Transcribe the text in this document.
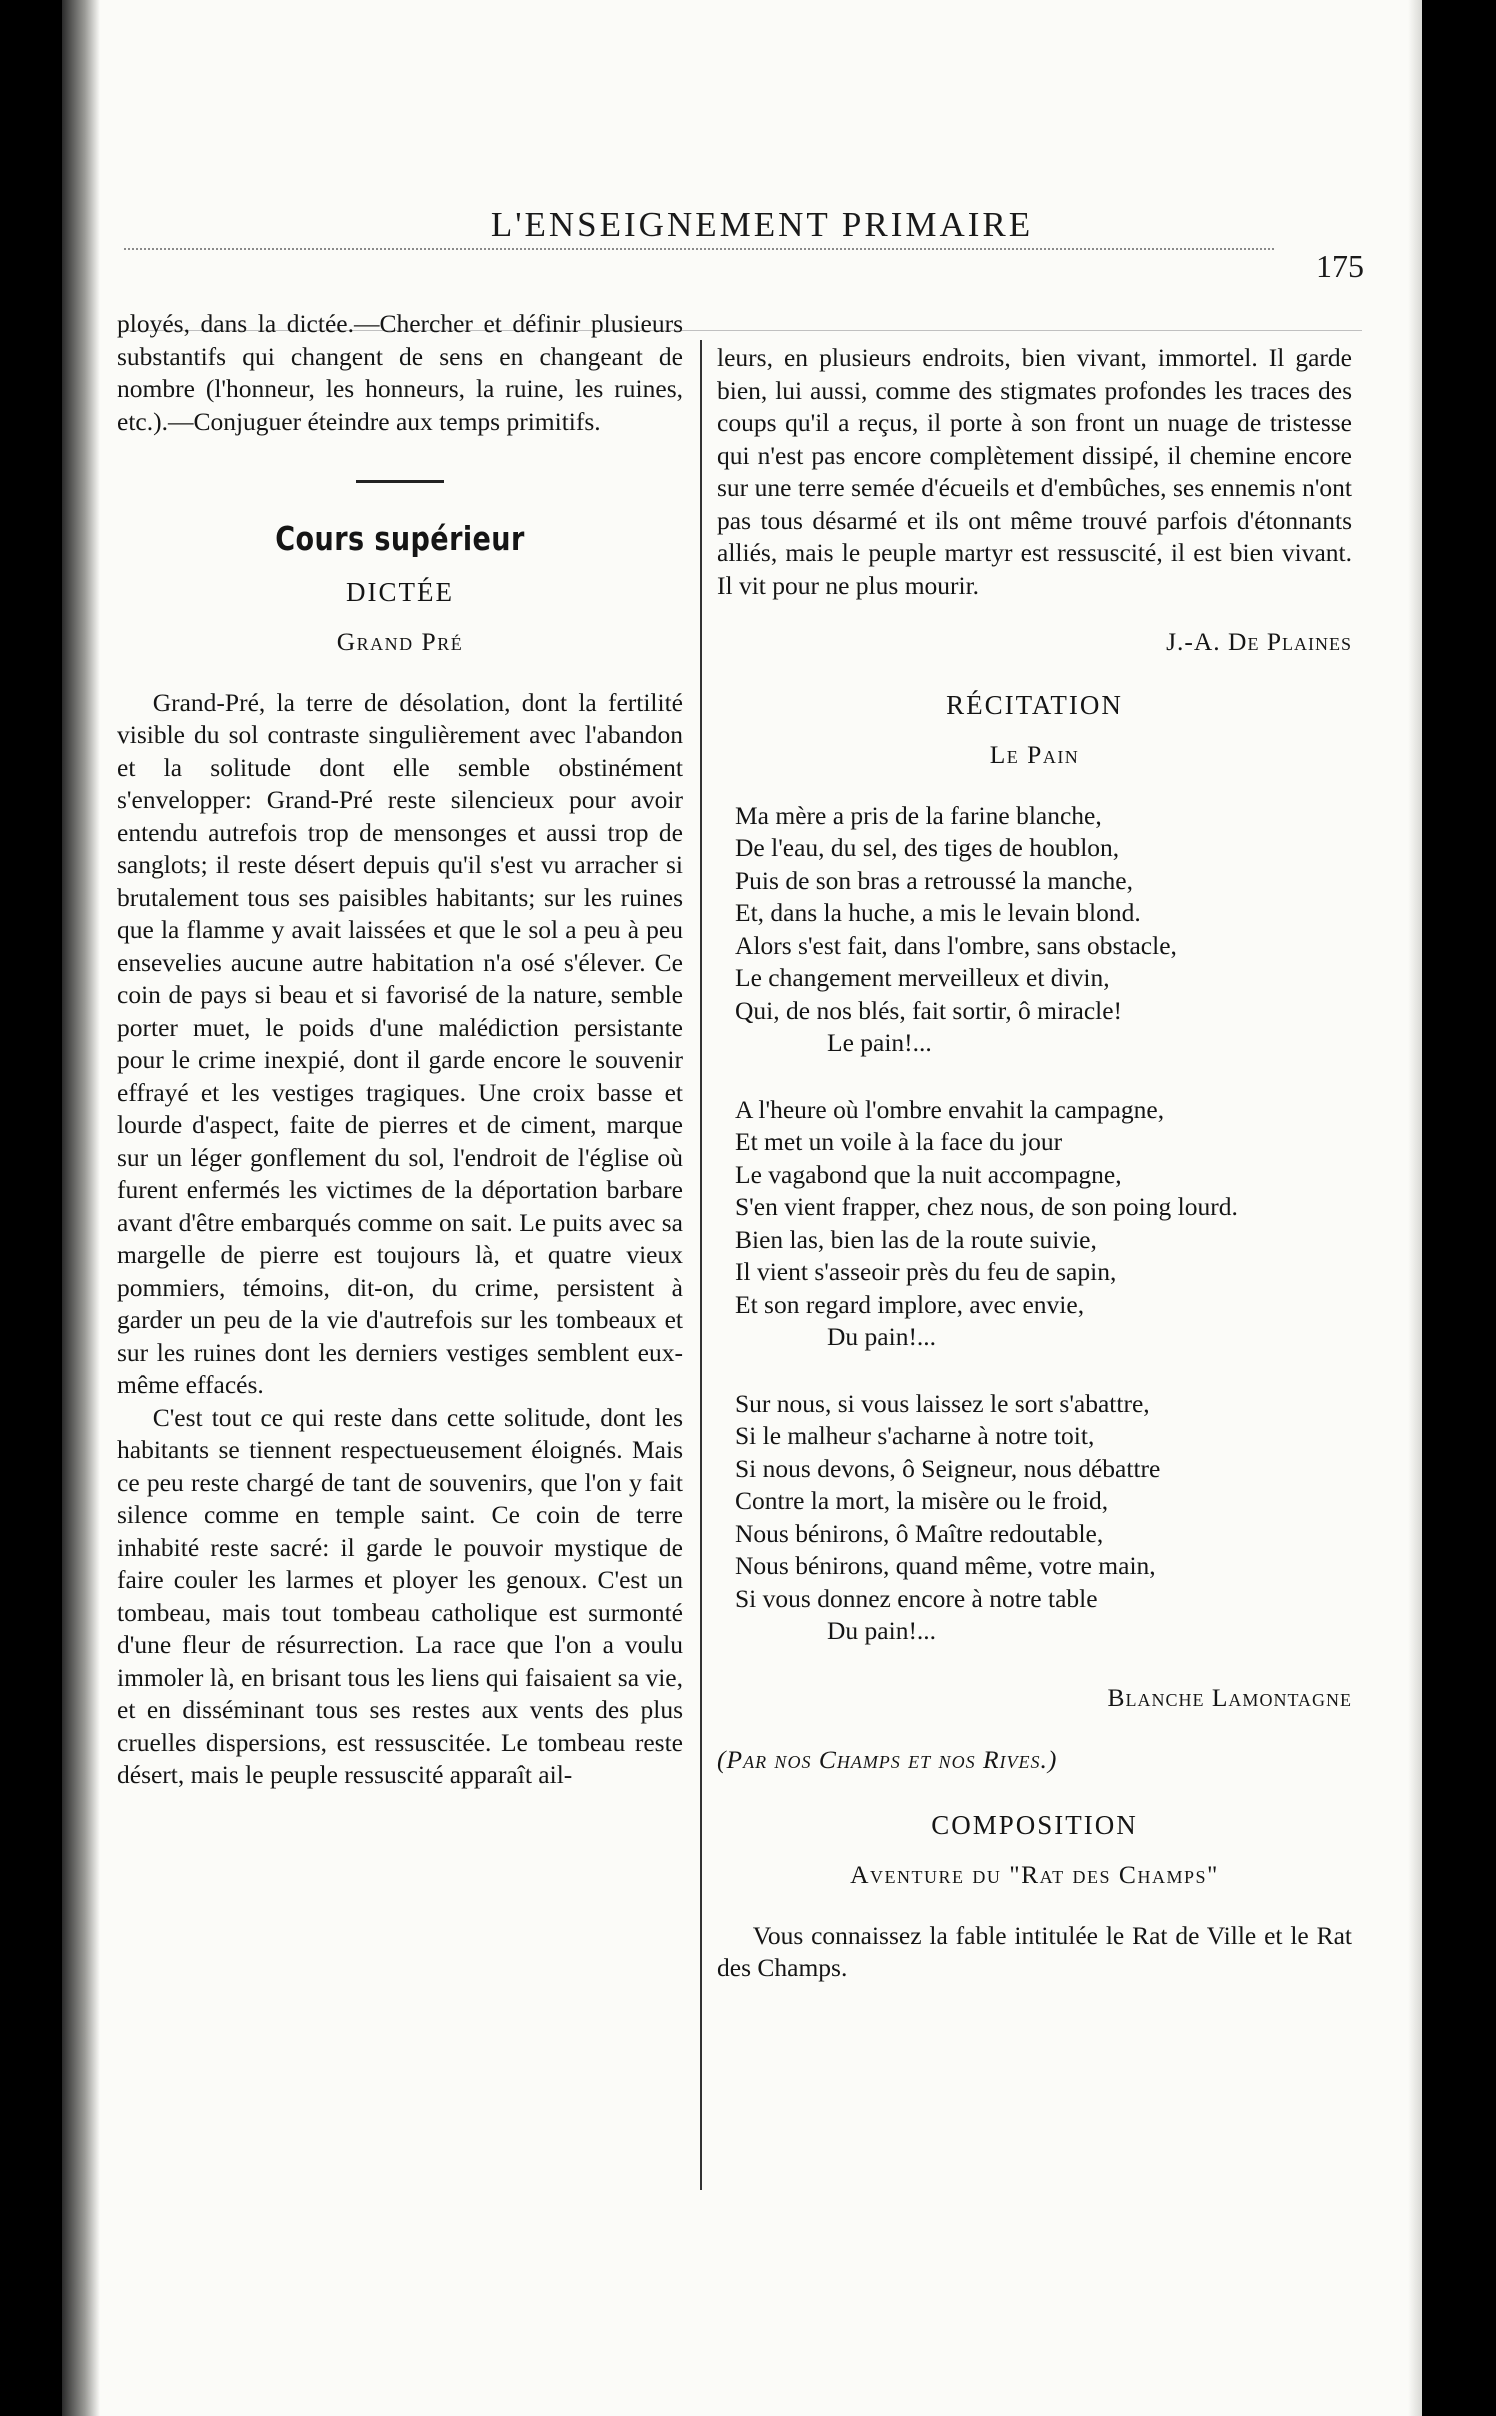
L'ENSEIGNEMENT PRIMAIRE
175

ployés, dans la dictée.—Chercher et définir plusieurs substantifs qui changent de sens en changeant de nombre (l'honneur, les honneurs, la ruine, les ruines, etc.).—Conjuguer éteindre aux temps primitifs.

Cours supérieur
DICTÉE
Grand Pré

Grand-Pré, la terre de désolation, dont la fertilité visible du sol contraste singulièrement avec l'abandon et la solitude dont elle semble obstinément s'envelopper: Grand-Pré reste silencieux pour avoir entendu autrefois trop de mensonges et aussi trop de sanglots; il reste désert depuis qu'il s'est vu arracher si brutalement tous ses paisibles habitants; sur les ruines que la flamme y avait laissées et que le sol a peu à peu ensevelies aucune autre habitation n'a osé s'élever. Ce coin de pays si beau et si favorisé de la nature, semble porter muet, le poids d'une malédiction persistante pour le crime inexpié, dont il garde encore le souvenir effrayé et les vestiges tragiques. Une croix basse et lourde d'aspect, faite de pierres et de ciment, marque sur un léger gonflement du sol, l'endroit de l'église où furent enfermés les victimes de la déportation barbare avant d'être embarqués comme on sait. Le puits avec sa margelle de pierre est toujours là, et quatre vieux pommiers, témoins, dit-on, du crime, persistent à garder un peu de la vie d'autrefois sur les tombeaux et sur les ruines dont les derniers vestiges semblent eux-même effacés.

C'est tout ce qui reste dans cette solitude, dont les habitants se tiennent respectueusement éloignés. Mais ce peu reste chargé de tant de souvenirs, que l'on y fait silence comme en temple saint. Ce coin de terre inhabité reste sacré: il garde le pouvoir mystique de faire couler les larmes et ployer les genoux. C'est un tombeau, mais tout tombeau catholique est surmonté d'une fleur de résurrection. La race que l'on a voulu immoler là, en brisant tous les liens qui faisaient sa vie, et en disséminant tous ses restes aux vents des plus cruelles dispersions, est ressuscitée. Le tombeau reste désert, mais le peuple ressuscité apparaît ail-

leurs, en plusieurs endroits, bien vivant, immortel. Il garde bien, lui aussi, comme des stigmates profondes les traces des coups qu'il a reçus, il porte à son front un nuage de tristesse qui n'est pas encore complètement dissipé, il chemine encore sur une terre semée d'écueils et d'embûches, ses ennemis n'ont pas tous désarmé et ils ont même trouvé parfois d'étonnants alliés, mais le peuple martyr est ressuscité, il est bien vivant. Il vit pour ne plus mourir.

J.-A. De Plaines
RÉCITATION
Le Pain
Ma mère a pris de la farine blanche,
De l'eau, du sel, des tiges de houblon,
Puis de son bras a retroussé la manche,
Et, dans la huche, a mis le levain blond.
Alors s'est fait, dans l'ombre, sans obstacle,
Le changement merveilleux et divin,
Qui, de nos blés, fait sortir, ô miracle!
Le pain!...
A l'heure où l'ombre envahit la campagne,
Et met un voile à la face du jour
Le vagabond que la nuit accompagne,
S'en vient frapper, chez nous, de son poing lourd.
Bien las, bien las de la route suivie,
Il vient s'asseoir près du feu de sapin,
Et son regard implore, avec envie,
Du pain!...
Sur nous, si vous laissez le sort s'abattre,
Si le malheur s'acharne à notre toit,
Si nous devons, ô Seigneur, nous débattre
Contre la mort, la misère ou le froid,
Nous bénirons, ô Maître redoutable,
Nous bénirons, quand même, votre main,
Si vous donnez encore à notre table
Du pain!...
Blanche Lamontagne
(Par nos Champs et nos Rives.)
COMPOSITION
Aventure du "Rat des Champs"

Vous connaissez la fable intitulée le Rat de Ville et le Rat des Champs.
